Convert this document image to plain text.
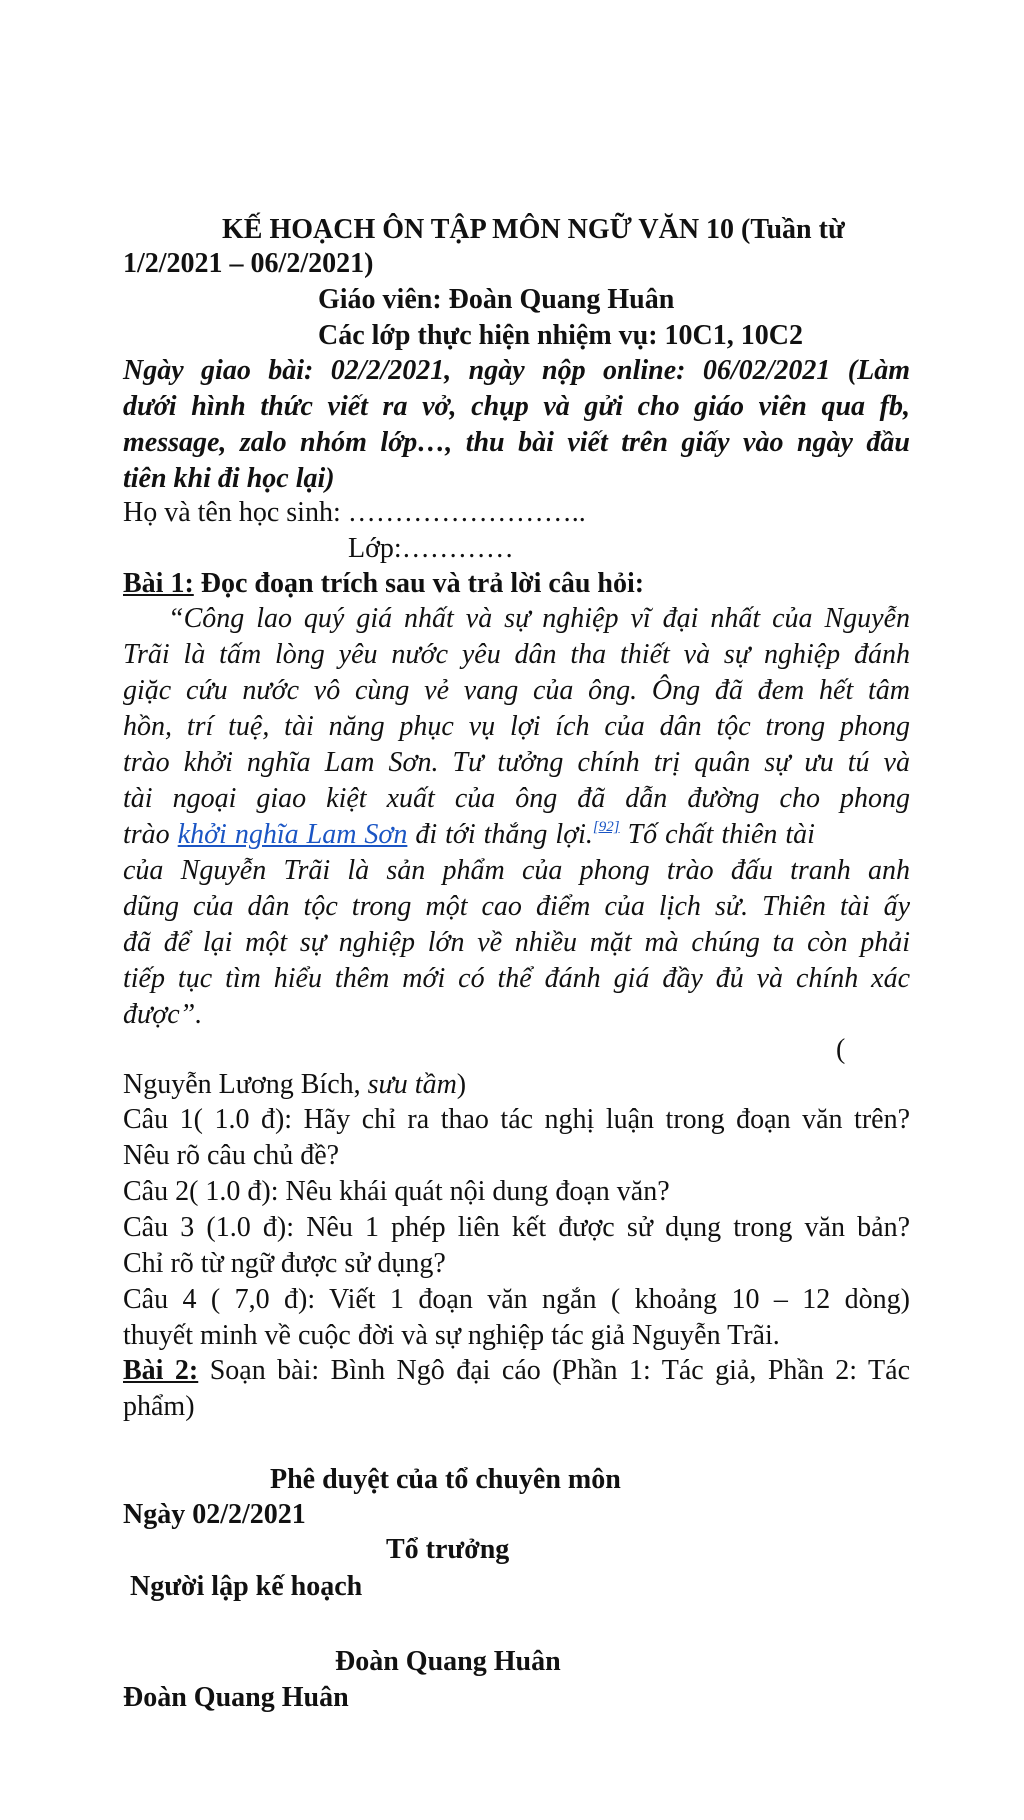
KẾ HOẠCH ÔN TẬP MÔN NGỮ VĂN 10 (Tuần từ
1/2/2021 – 06/2/2021)
Giáo viên: Đoàn Quang Huân
Các lớp thực hiện nhiệm vụ: 10C1, 10C2
Ngày giao bài: 02/2/2021, ngày nộp online: 06/02/2021 (Làm
dưới hình thức viết ra vở, chụp và gửi cho giáo viên qua fb,
message, zalo nhóm lớp…, thu bài viết trên giấy vào ngày đầu
tiên khi đi học lại)
Họ và tên học sinh: ……………………..
Lớp:…………
Bài 1: Đọc đoạn trích sau và trả lời câu hỏi:
“Công lao quý giá nhất và sự nghiệp vĩ đại nhất của Nguyễn
Trãi là tấm lòng yêu nước yêu dân tha thiết và sự nghiệp đánh
giặc cứu nước vô cùng vẻ vang của ông. Ông đã đem hết tâm
hồn, trí tuệ, tài năng phục vụ lợi ích của dân tộc trong phong
trào khởi nghĩa Lam Sơn. Tư tưởng chính trị quân sự ưu tú và
tài ngoại giao kiệt xuất của ông đã dẫn đường cho phong
trào khởi nghĩa Lam Sơn đi tới thắng lợi.[92] Tố chất thiên tài
của Nguyễn Trãi là sản phẩm của phong trào đấu tranh anh
dũng của dân tộc trong một cao điểm của lịch sử. Thiên tài ấy
đã để lại một sự nghiệp lớn về nhiều mặt mà chúng ta còn phải
tiếp tục tìm hiểu thêm mới có thể đánh giá đầy đủ và chính xác
được”.
(
Nguyễn Lương Bích, sưu tầm)
Câu 1( 1.0 đ): Hãy chỉ ra thao tác nghị luận trong đoạn văn trên?
Nêu rõ câu chủ đề?
Câu 2( 1.0 đ): Nêu khái quát nội dung đoạn văn?
Câu 3 (1.0 đ): Nêu 1 phép liên kết được sử dụng trong văn bản?
Chỉ rõ từ ngữ được sử dụng?
Câu 4 ( 7,0 đ): Viết 1 đoạn văn ngắn ( khoảng 10 – 12 dòng)
thuyết minh về cuộc đời và sự nghiệp tác giả Nguyễn Trãi.
Bài 2: Soạn bài: Bình Ngô đại cáo (Phần 1: Tác giả, Phần 2: Tác
phẩm)
Phê duyệt của tổ chuyên môn
Ngày 02/2/2021
Tổ trưởng
Người lập kế hoạch
Đoàn Quang Huân
Đoàn Quang Huân
